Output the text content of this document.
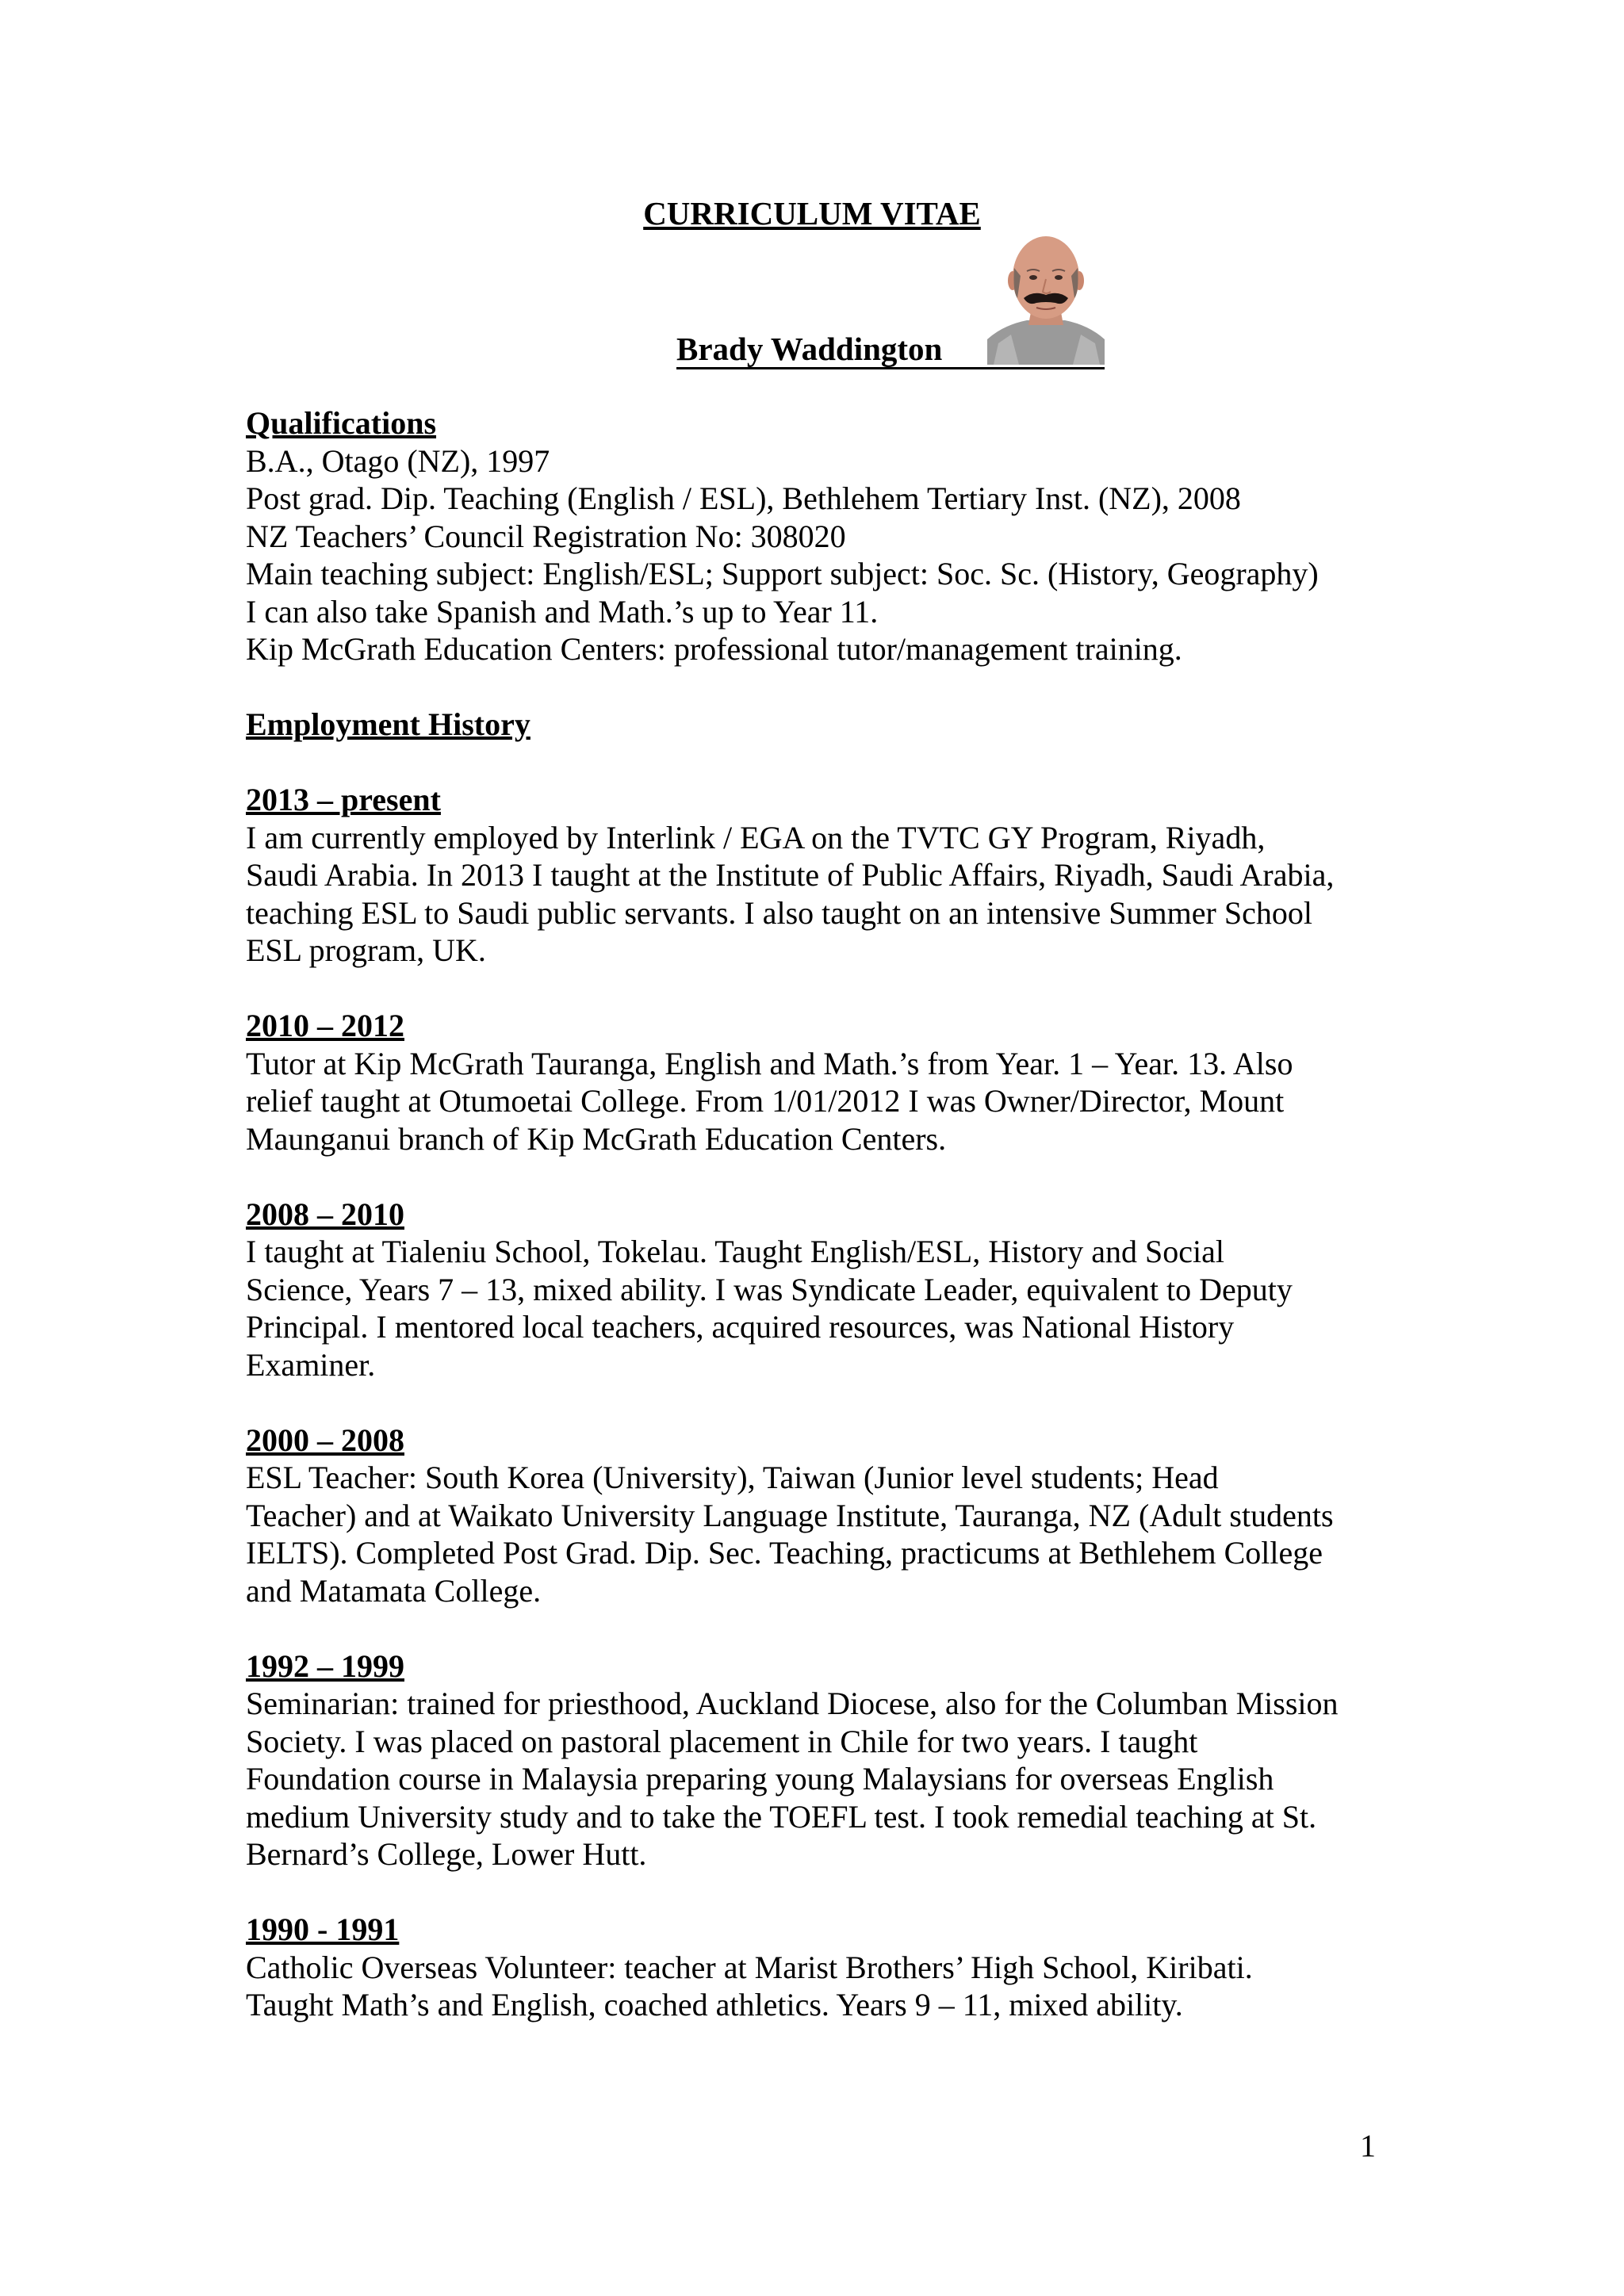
CURRICULUM VITAE
Brady Waddington
Qualifications
B.A., Otago (NZ), 1997
Post grad. Dip. Teaching (English / ESL), Bethlehem Tertiary Inst. (NZ), 2008
NZ Teachers’ Council Registration No: 308020
Main teaching subject: English/ESL; Support subject: Soc. Sc. (History, Geography)
I can also take Spanish and Math.’s up to Year 11.
Kip McGrath Education Centers: professional tutor/management training.
Employment History
2013 – present
I am currently employed by Interlink / EGA on the TVTC GY Program, Riyadh,
Saudi Arabia. In 2013 I taught at the Institute of Public Affairs, Riyadh, Saudi Arabia,
teaching ESL to Saudi public servants. I also taught on an intensive Summer School
ESL program, UK.
2010 – 2012
Tutor at Kip McGrath Tauranga, English and Math.’s from Year. 1 – Year. 13. Also
relief taught at Otumoetai College. From 1/01/2012 I was Owner/Director, Mount
Maunganui branch of Kip McGrath Education Centers.
2008 – 2010
I taught at Tialeniu School, Tokelau. Taught English/ESL, History and Social
Science, Years 7 – 13, mixed ability. I was Syndicate Leader, equivalent to Deputy
Principal. I mentored local teachers, acquired resources, was National History
Examiner.
2000 – 2008
ESL Teacher: South Korea (University), Taiwan (Junior level students; Head
Teacher) and at Waikato University Language Institute, Tauranga, NZ (Adult students
IELTS). Completed Post Grad. Dip. Sec. Teaching, practicums at Bethlehem College
and Matamata College.
1992 – 1999
Seminarian: trained for priesthood, Auckland Diocese, also for the Columban Mission
Society. I was placed on pastoral placement in Chile for two years. I taught
Foundation course in Malaysia preparing young Malaysians for overseas English
medium University study and to take the TOEFL test. I took remedial teaching at St.
Bernard’s College, Lower Hutt.
1990 - 1991
Catholic Overseas Volunteer: teacher at Marist Brothers’ High School, Kiribati.
Taught Math’s and English, coached athletics. Years 9 – 11, mixed ability.
1
